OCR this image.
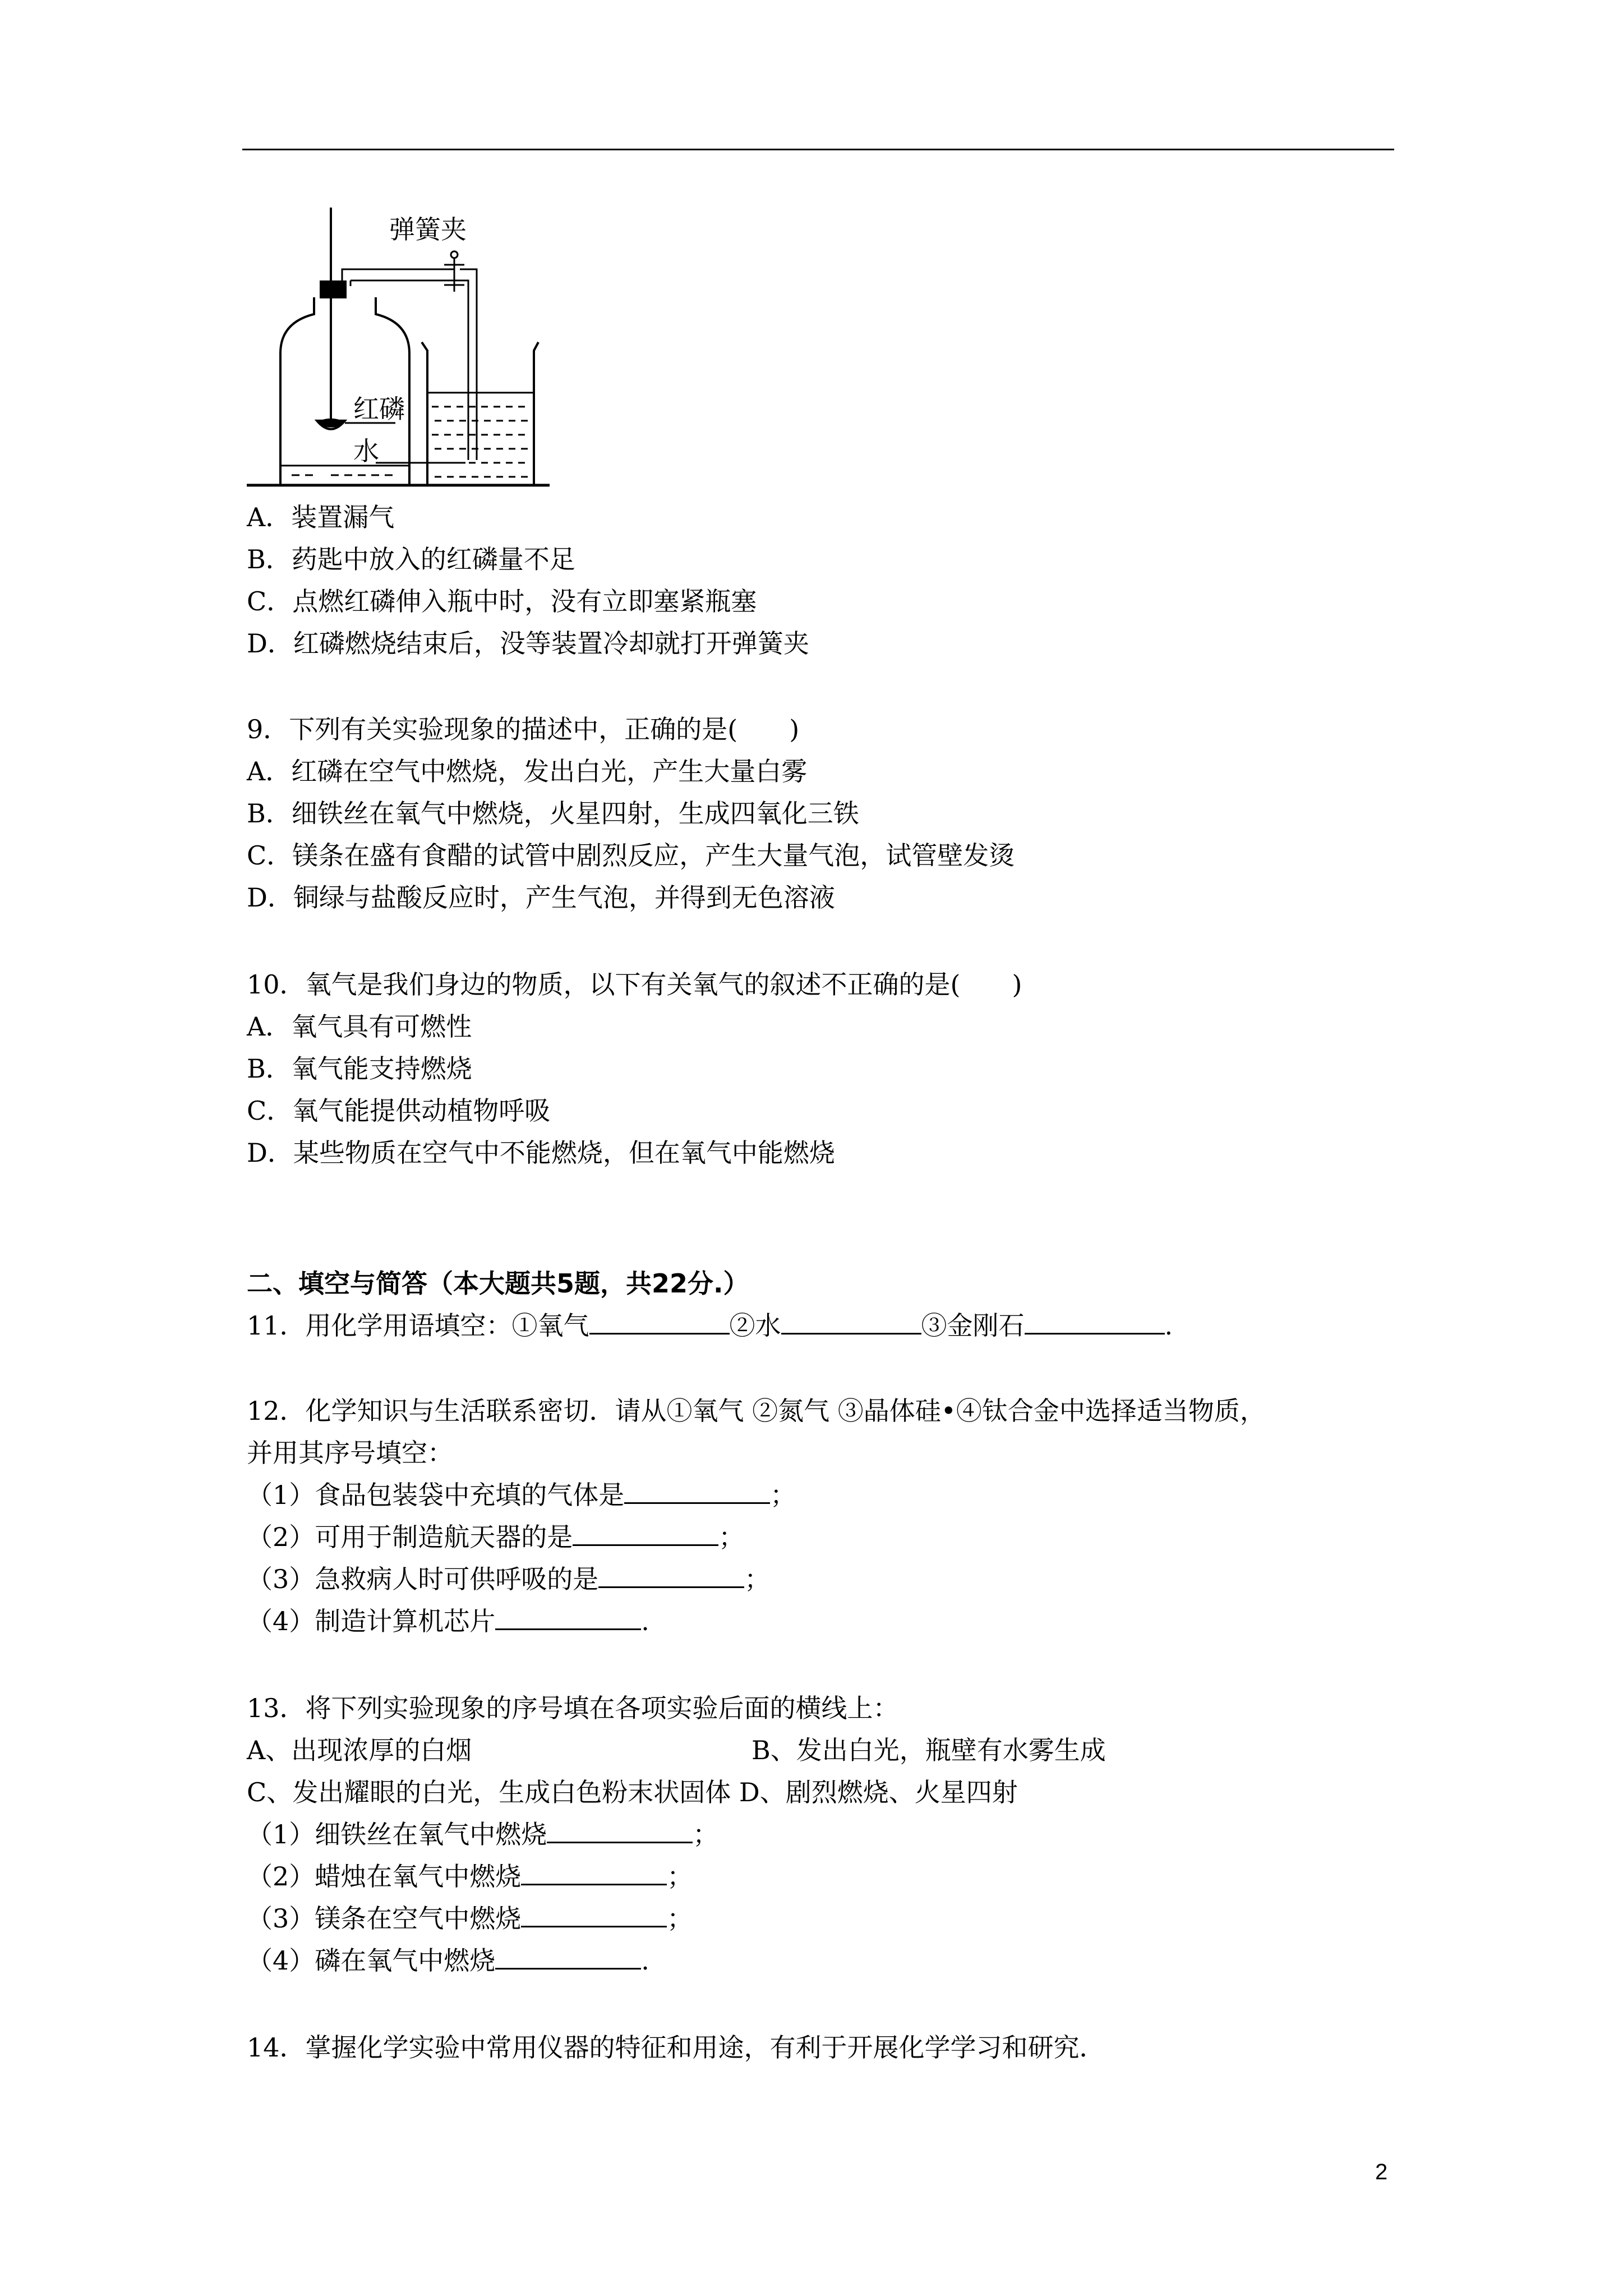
弹簧夹
红磷
水
A．装置漏气
B．药匙中放入的红磷量不足
C．点燃红磷伸入瓶中时，没有立即塞紧瓶塞
D．红磷燃烧结束后，没等装置冷却就打开弹簧夹
9．下列有关实验现象的描述中，正确的是(　　)
A．红磷在空气中燃烧，发出白光，产生大量白雾
B．细铁丝在氧气中燃烧，火星四射，生成四氧化三铁
C．镁条在盛有食醋的试管中剧烈反应，产生大量气泡，试管壁发烫
D．铜绿与盐酸反应时，产生气泡，并得到无色溶液
10．氧气是我们身边的物质，以下有关氧气的叙述不正确的是(　　)
A．氧气具有可燃性
B．氧气能支持燃烧
C．氧气能提供动植物呼吸
D．某些物质在空气中不能燃烧，但在氧气中能燃烧
二、填空与简答（本大题共5题，共22分.）
11．用化学用语填空：①氧气	②水	③金刚石	.
12．化学知识与生活联系密切．请从①氧气 ②氮气 ③晶体硅•④钛合金中选择适当物质，
并用其序号填空：
（1）食品包装袋中充填的气体是	；
（2）可用于制造航天器的是	；
（3）急救病人时可供呼吸的是	；
（4）制造计算机芯片	.
13．将下列实验现象的序号填在各项实验后面的横线上：
A、出现浓厚的白烟	B、发出白光，瓶壁有水雾生成
C、发出耀眼的白光，生成白色粉末状固体 D、剧烈燃烧、火星四射
（1）细铁丝在氧气中燃烧	；
（2）蜡烛在氧气中燃烧	；
（3）镁条在空气中燃烧	；
（4）磷在氧气中燃烧	.
14．掌握化学实验中常用仪器的特征和用途，有利于开展化学学习和研究．
2
